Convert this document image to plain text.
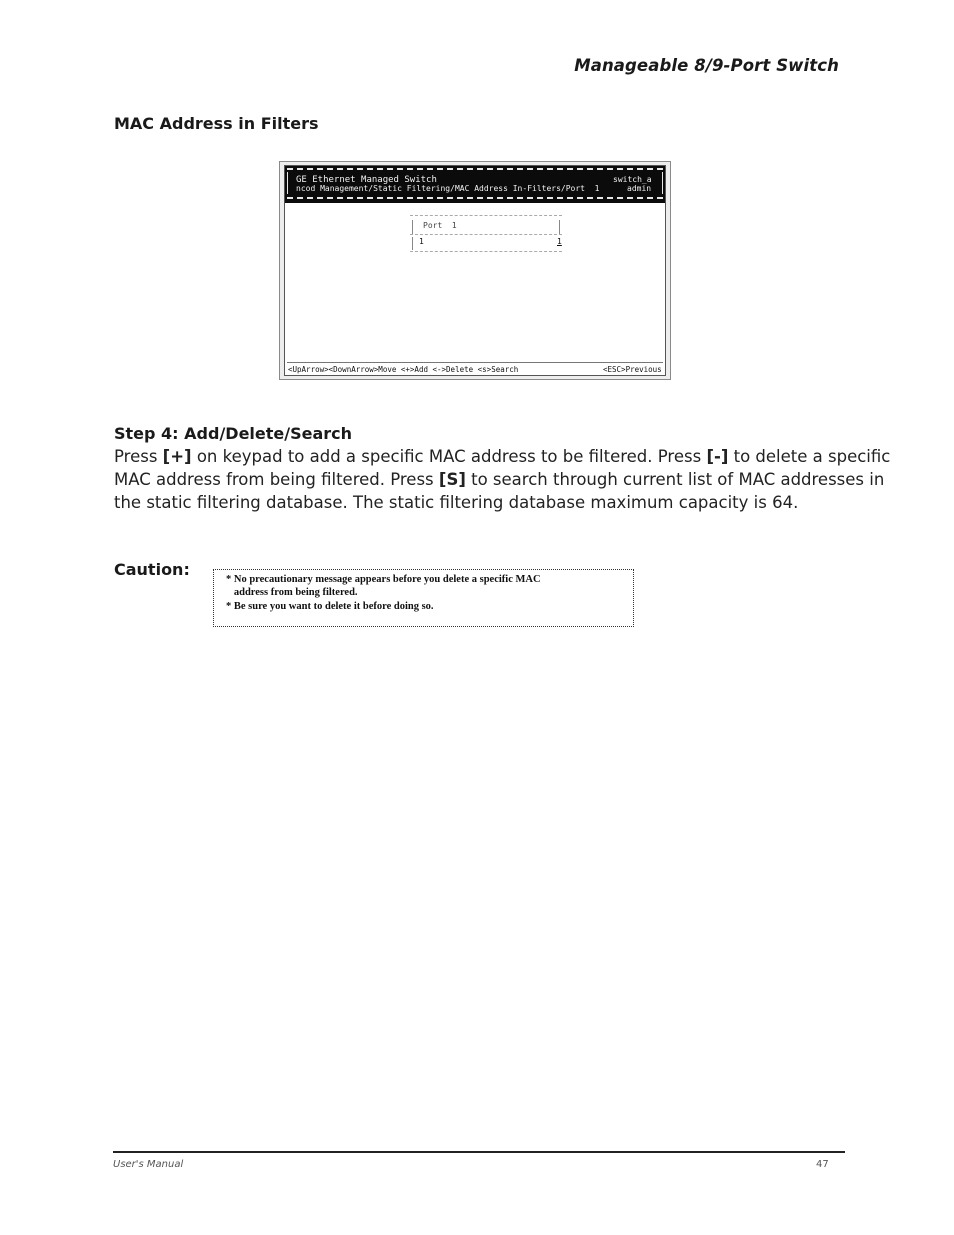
Manageable 8/9-Port Switch
MAC Address in Filters
GE Ethernet Managed Switch
ncod Management/Static Filtering/MAC Address In-Filters/Port  1
switch_a
admin
Port  1
1	1
<UpArrow><DownArrow>Move <+>Add <->Delete <s>Search	<ESC>Previous
Step 4: Add/Delete/Search
Press [+] on keypad to add a specific MAC address to be filtered. Press [-] to delete a specific MAC address from being filtered. Press [S] to search through current list of MAC addresses in the static filtering database. The static filtering database maximum capacity is 64.
Caution:
* No precautionary message appears before you delete a specific MAC
address from being filtered.
* Be sure you want to delete it before doing so.
User's Manual	47
